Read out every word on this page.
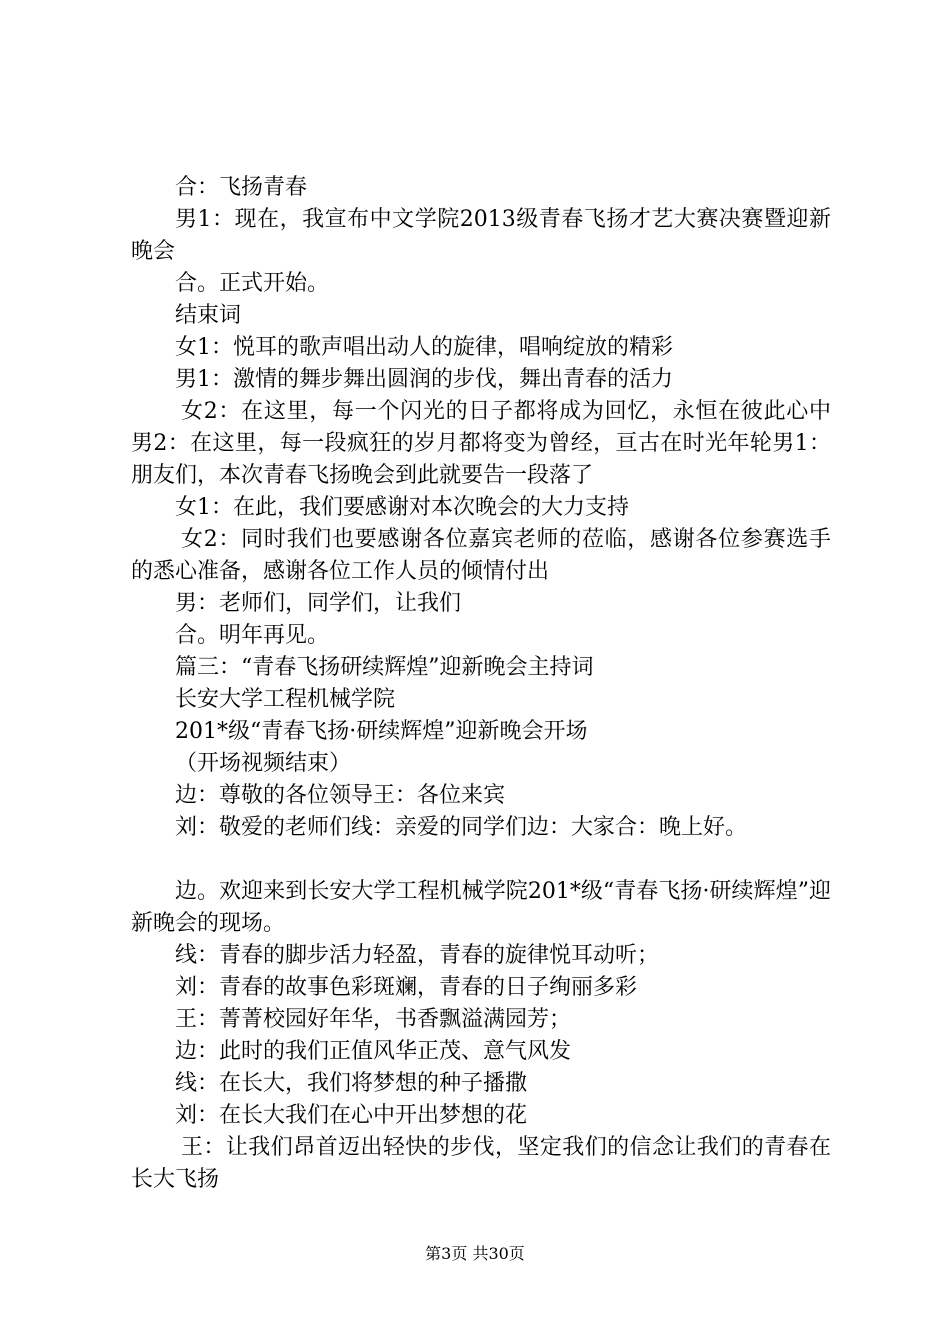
合：飞扬青春

男1：现在，我宣布中文学院2013级青春飞扬才艺大赛决赛暨迎新晚会

合。正式开始。

结束词

女1：悦耳的歌声唱出动人的旋律，唱响绽放的精彩

男1：激情的舞步舞出圆润的步伐，舞出青春的活力

女2：在这里，每一个闪光的日子都将成为回忆，永恒在彼此心中男2：在这里，每一段疯狂的岁月都将变为曾经，亘古在时光年轮男1：朋友们，本次青春飞扬晚会到此就要告一段落了

女1：在此，我们要感谢对本次晚会的大力支持

女2：同时我们也要感谢各位嘉宾老师的莅临，感谢各位参赛选手的悉心准备，感谢各位工作人员的倾情付出

男：老师们，同学们，让我们

合。明年再见。

篇三：“青春飞扬研续辉煌”迎新晚会主持词

长安大学工程机械学院

201*级“青春飞扬·研续辉煌”迎新晚会开场

（开场视频结束）

边：尊敬的各位领导王：各位来宾

刘：敬爱的老师们线：亲爱的同学们边：大家合：晚上好。

边。欢迎来到长安大学工程机械学院201*级“青春飞扬·研续辉煌”迎新晚会的现场。

线：青春的脚步活力轻盈，青春的旋律悦耳动听；

刘：青春的故事色彩斑斓，青春的日子绚丽多彩

王：菁菁校园好年华，书香飘溢满园芳；

边：此时的我们正值风华正茂、意气风发

线：在长大，我们将梦想的种子播撒

刘：在长大我们在心中开出梦想的花

王：让我们昂首迈出轻快的步伐，坚定我们的信念让我们的青春在长大飞扬

第3页 共30页
